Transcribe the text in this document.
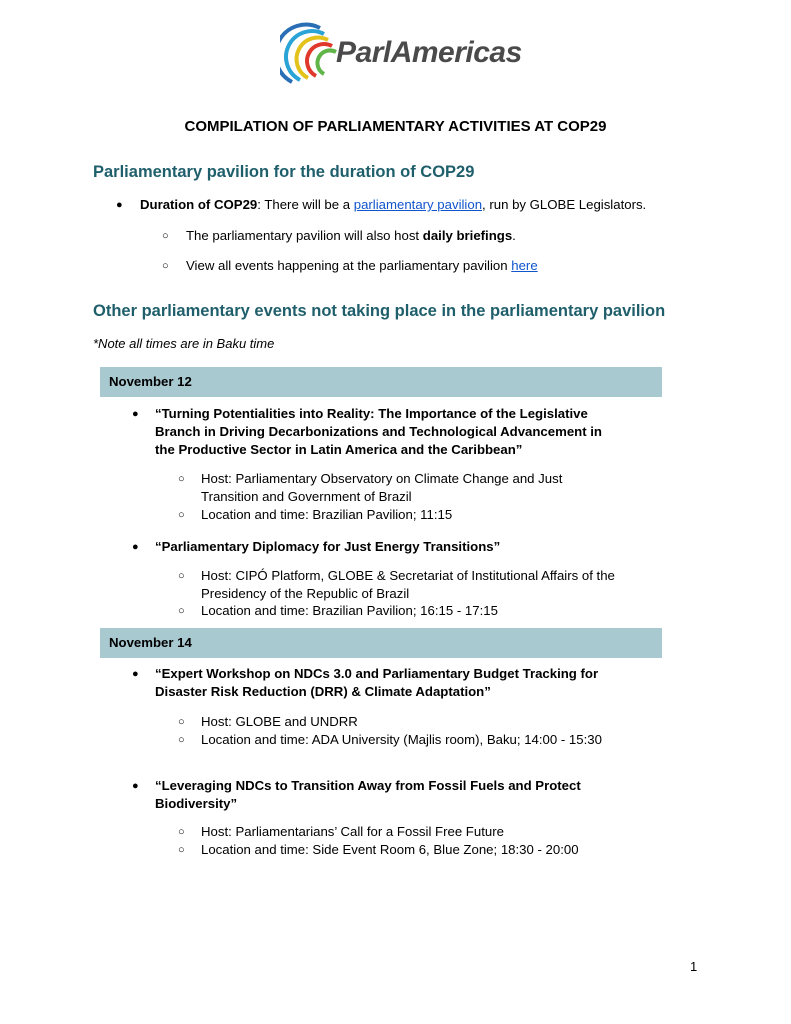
ParlAmericas
COMPILATION OF PARLIAMENTARY ACTIVITIES AT COP29
Parliamentary pavilion for the duration of COP29
● Duration of COP29: There will be a parliamentary pavilion, run by GLOBE Legislators.
○ The parliamentary pavilion will also host daily briefings.
○ View all events happening at the parliamentary pavilion here
Other parliamentary events not taking place in the parliamentary pavilion
*Note all times are in Baku time
November 12
● “Turning Potentialities into Reality: The Importance of the Legislative
Branch in Driving Decarbonizations and Technological Advancement in
the Productive Sector in Latin America and the Caribbean”
○ Host: Parliamentary Observatory on Climate Change and Just
Transition and Government of Brazil
○ Location and time: Brazilian Pavilion; 11:15
● “Parliamentary Diplomacy for Just Energy Transitions”
○ Host: CIPÓ Platform, GLOBE & Secretariat of Institutional Affairs of the
Presidency of the Republic of Brazil
○ Location and time: Brazilian Pavilion; 16:15 - 17:15
November 14
● “Expert Workshop on NDCs 3.0 and Parliamentary Budget Tracking for
Disaster Risk Reduction (DRR) & Climate Adaptation”
○ Host: GLOBE and UNDRR
○ Location and time: ADA University (Majlis room), Baku; 14:00 - 15:30
● “Leveraging NDCs to Transition Away from Fossil Fuels and Protect
Biodiversity”
○ Host: Parliamentarians’ Call for a Fossil Free Future
○ Location and time: Side Event Room 6, Blue Zone; 18:30 - 20:00
1
